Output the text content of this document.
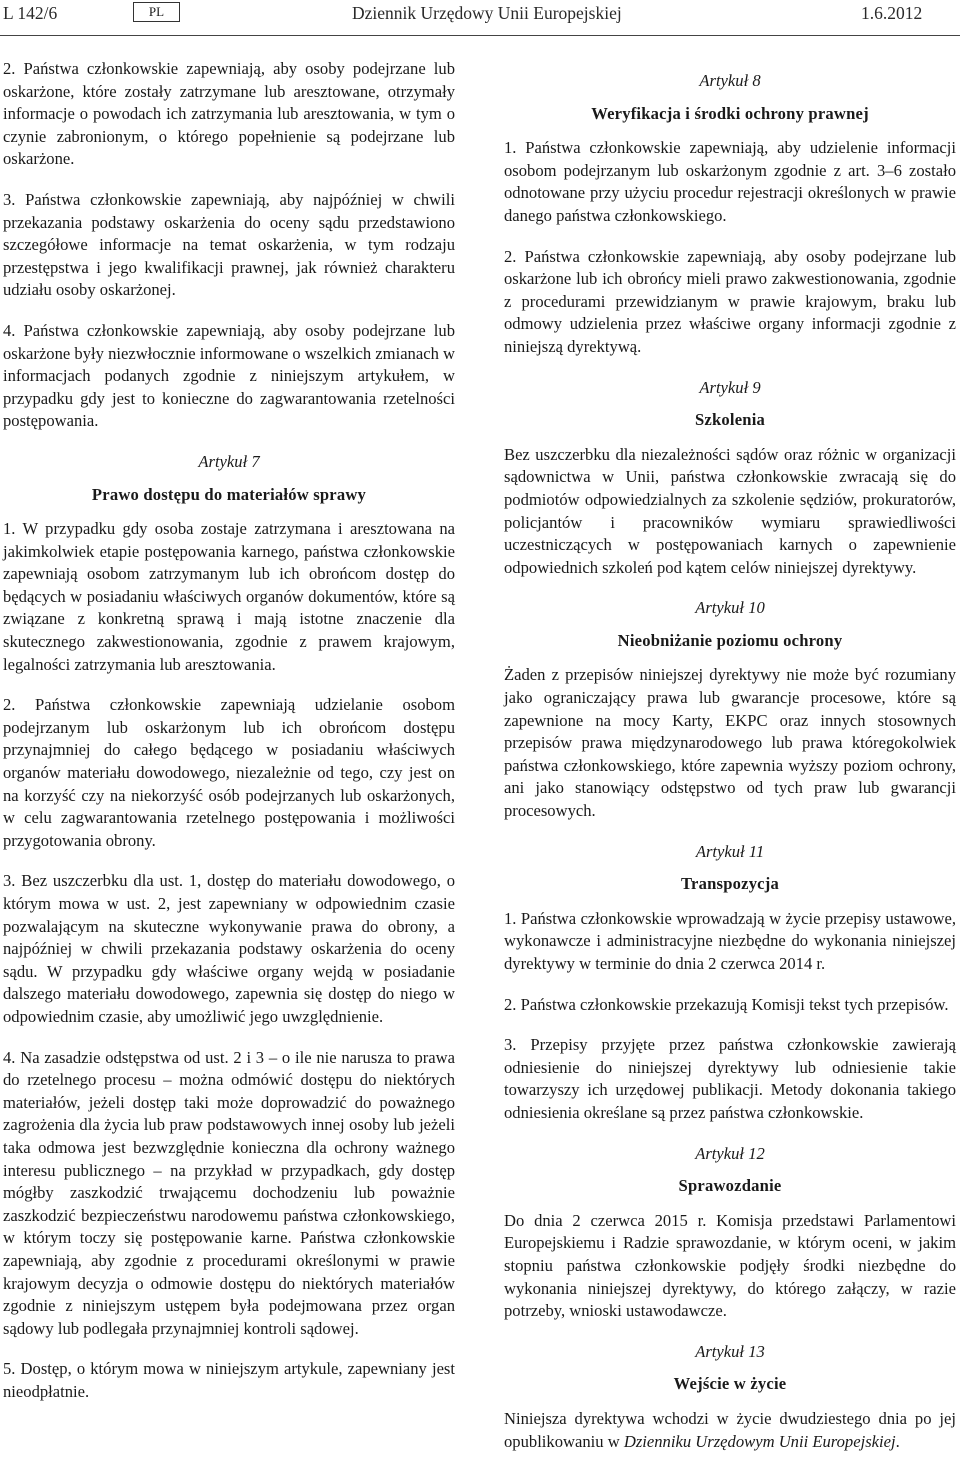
L 142/6	PL	Dziennik Urzędowy Unii Europejskiej	1.6.2012

2. Państwa członkowskie zapewniają, aby osoby podejrzane lub oskarżone, które zostały zatrzymane lub aresztowane, otrzymały informacje o powodach ich zatrzymania lub aresztowania, w tym o czynie zabronionym, o którego popełnienie są podejrzane lub oskarżone.

3. Państwa członkowskie zapewniają, aby najpóźniej w chwili przekazania podstawy oskarżenia do oceny sądu przedstawiono szczegółowe informacje na temat oskarżenia, w tym rodzaju przestępstwa i jego kwalifikacji prawnej, jak również charakteru udziału osoby oskarżonej.

4. Państwa członkowskie zapewniają, aby osoby podejrzane lub oskarżone były niezwłocznie informowane o wszelkich zmianach w informacjach podanych zgodnie z niniejszym artykułem, w przypadku gdy jest to konieczne do zagwarantowania rzetelności postępowania.

Artykuł 7
Prawo dostępu do materiałów sprawy

1. W przypadku gdy osoba zostaje zatrzymana i aresztowana na jakimkolwiek etapie postępowania karnego, państwa członkowskie zapewniają osobom zatrzymanym lub ich obrońcom dostęp do będących w posiadaniu właściwych organów dokumentów, które są związane z konkretną sprawą i mają istotne znaczenie dla skutecznego zakwestionowania, zgodnie z prawem krajowym, legalności zatrzymania lub aresztowania.

2. Państwa członkowskie zapewniają udzielanie osobom podejrzanym lub oskarżonym lub ich obrońcom dostępu przynajmniej do całego będącego w posiadaniu właściwych organów materiału dowodowego, niezależnie od tego, czy jest on na korzyść czy na niekorzyść osób podejrzanych lub oskarżonych, w celu zagwarantowania rzetelnego postępowania i możliwości przygotowania obrony.

3. Bez uszczerbku dla ust. 1, dostęp do materiału dowodowego, o którym mowa w ust. 2, jest zapewniany w odpowiednim czasie pozwalającym na skuteczne wykonywanie prawa do obrony, a najpóźniej w chwili przekazania podstawy oskarżenia do oceny sądu. W przypadku gdy właściwe organy wejdą w posiadanie dalszego materiału dowodowego, zapewnia się dostęp do niego w odpowiednim czasie, aby umożliwić jego uwzględnienie.

4. Na zasadzie odstępstwa od ust. 2 i 3 – o ile nie narusza to prawa do rzetelnego procesu – można odmówić dostępu do niektórych materiałów, jeżeli dostęp taki może doprowadzić do poważnego zagrożenia dla życia lub praw podstawowych innej osoby lub jeżeli taka odmowa jest bezwzględnie konieczna dla ochrony ważnego interesu publicznego – na przykład w przypadkach, gdy dostęp mógłby zaszkodzić trwającemu dochodzeniu lub poważnie zaszkodzić bezpieczeństwu narodowemu państwa członkowskiego, w którym toczy się postępowanie karne. Państwa członkowskie zapewniają, aby zgodnie z procedurami określonymi w prawie krajowym decyzja o odmowie dostępu do niektórych materiałów zgodnie z niniejszym ustępem była podejmowana przez organ sądowy lub podlegała przynajmniej kontroli sądowej.

5. Dostęp, o którym mowa w niniejszym artykule, zapewniany jest nieodpłatnie.

Artykuł 8
Weryfikacja i środki ochrony prawnej

1. Państwa członkowskie zapewniają, aby udzielenie informacji osobom podejrzanym lub oskarżonym zgodnie z art. 3–6 zostało odnotowane przy użyciu procedur rejestracji określonych w prawie danego państwa członkowskiego.

2. Państwa członkowskie zapewniają, aby osoby podejrzane lub oskarżone lub ich obrońcy mieli prawo zakwestionowania, zgodnie z procedurami przewidzianym w prawie krajowym, braku lub odmowy udzielenia przez właściwe organy informacji zgodnie z niniejszą dyrektywą.

Artykuł 9
Szkolenia

Bez uszczerbku dla niezależności sądów oraz różnic w organizacji sądownictwa w Unii, państwa członkowskie zwracają się do podmiotów odpowiedzialnych za szkolenie sędziów, prokuratorów, policjantów i pracowników wymiaru sprawiedliwości uczestniczących w postępowaniach karnych o zapewnienie odpowiednich szkoleń pod kątem celów niniejszej dyrektywy.

Artykuł 10
Nieobniżanie poziomu ochrony

Żaden z przepisów niniejszej dyrektywy nie może być rozumiany jako ograniczający prawa lub gwarancje procesowe, które są zapewnione na mocy Karty, EKPC oraz innych stosownych przepisów prawa międzynarodowego lub prawa któregokolwiek państwa członkowskiego, które zapewnia wyższy poziom ochrony, ani jako stanowiący odstępstwo od tych praw lub gwarancji procesowych.

Artykuł 11
Transpozycja

1. Państwa członkowskie wprowadzają w życie przepisy ustawowe, wykonawcze i administracyjne niezbędne do wykonania niniejszej dyrektywy w terminie do dnia 2 czerwca 2014 r.

2. Państwa członkowskie przekazują Komisji tekst tych przepisów.

3. Przepisy przyjęte przez państwa członkowskie zawierają odniesienie do niniejszej dyrektywy lub odniesienie takie towarzyszy ich urzędowej publikacji. Metody dokonania takiego odniesienia określane są przez państwa członkowskie.

Artykuł 12
Sprawozdanie

Do dnia 2 czerwca 2015 r. Komisja przedstawi Parlamentowi Europejskiemu i Radzie sprawozdanie, w którym oceni, w jakim stopniu państwa członkowskie podjęły środki niezbędne do wykonania niniejszej dyrektywy, do którego załączy, w razie potrzeby, wnioski ustawodawcze.

Artykuł 13
Wejście w życie

Niniejsza dyrektywa wchodzi w życie dwudziestego dnia po jej opublikowaniu w Dzienniku Urzędowym Unii Europejskiej.
